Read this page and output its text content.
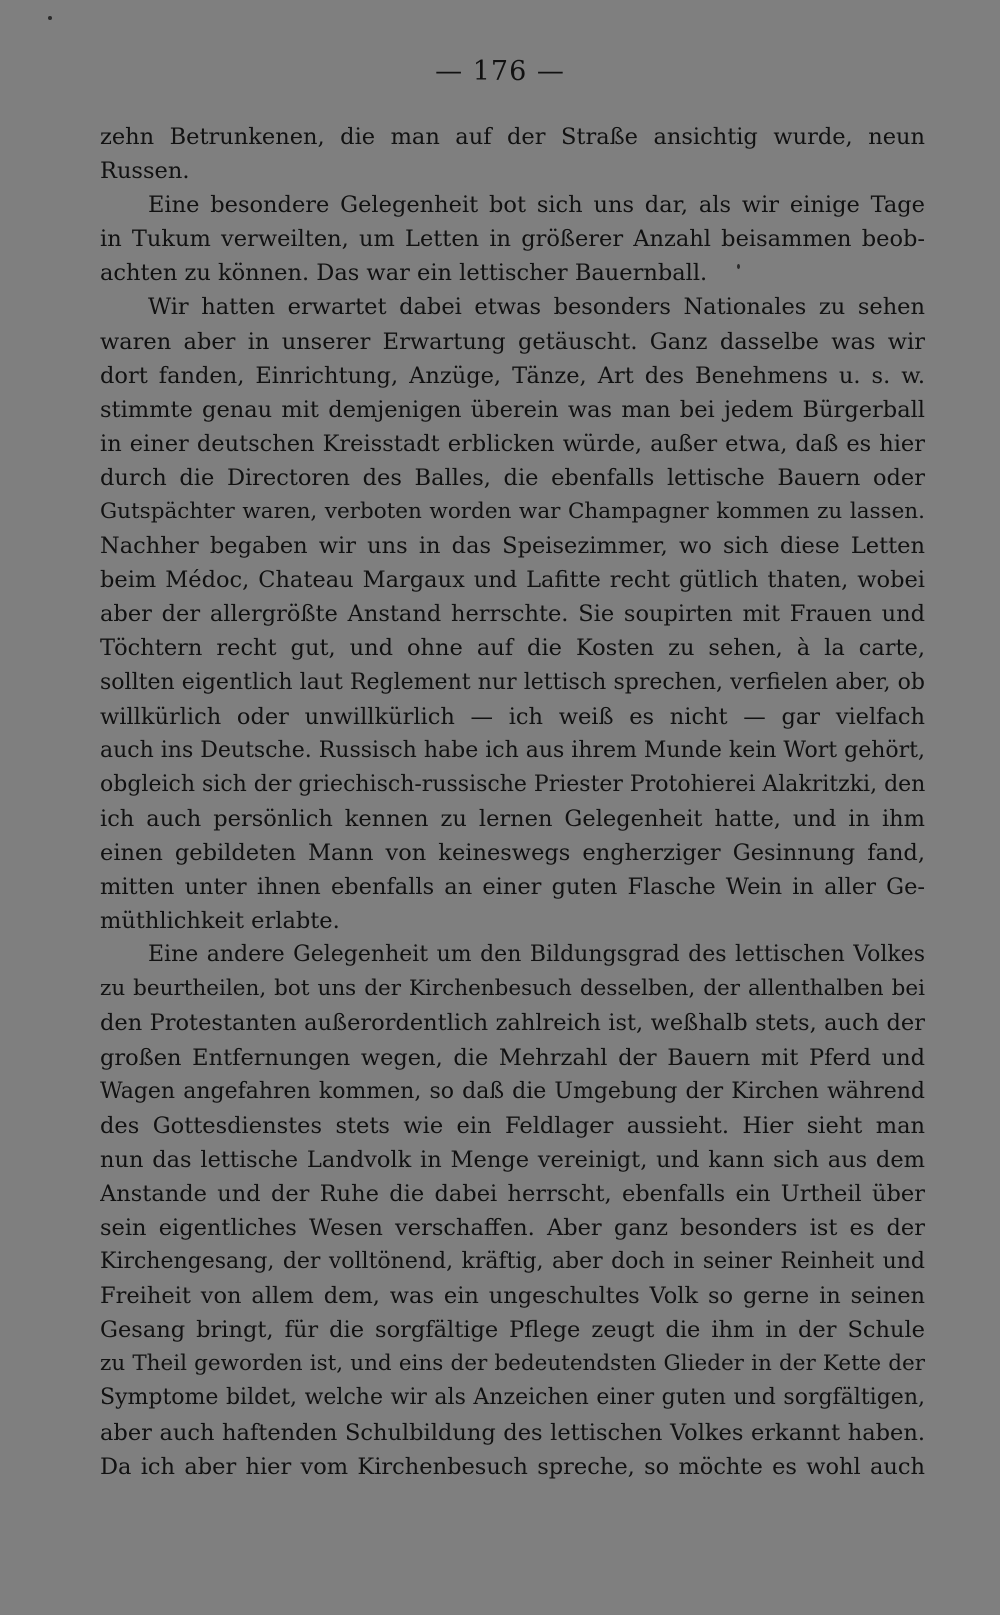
— 176 —
zehn Betrunkenen, die man auf der Straße ansichtig wurde, neun
Russen.
Eine besondere Gelegenheit bot sich uns dar, als wir einige Tage
in Tukum verweilten, um Letten in größerer Anzahl beisammen beob-
achten zu können. Das war ein lettischer Bauernball.
Wir hatten erwartet dabei etwas besonders Nationales zu sehen
waren aber in unserer Erwartung getäuscht. Ganz dasselbe was wir
dort fanden, Einrichtung, Anzüge, Tänze, Art des Benehmens u. s. w.
stimmte genau mit demjenigen überein was man bei jedem Bürgerball
in einer deutschen Kreisstadt erblicken würde, außer etwa, daß es hier
durch die Directoren des Balles, die ebenfalls lettische Bauern oder
Gutspächter waren, verboten worden war Champagner kommen zu lassen.
Nachher begaben wir uns in das Speisezimmer, wo sich diese Letten
beim Médoc, Chateau Margaux und Lafitte recht gütlich thaten, wobei
aber der allergrößte Anstand herrschte. Sie soupirten mit Frauen und
Töchtern recht gut, und ohne auf die Kosten zu sehen, à la carte,
sollten eigentlich laut Reglement nur lettisch sprechen, verfielen aber, ob
willkürlich oder unwillkürlich — ich weiß es nicht — gar vielfach
auch ins Deutsche. Russisch habe ich aus ihrem Munde kein Wort gehört,
obgleich sich der griechisch-russische Priester Protohierei Alakritzki, den
ich auch persönlich kennen zu lernen Gelegenheit hatte, und in ihm
einen gebildeten Mann von keineswegs engherziger Gesinnung fand,
mitten unter ihnen ebenfalls an einer guten Flasche Wein in aller Ge-
müthlichkeit erlabte.
Eine andere Gelegenheit um den Bildungsgrad des lettischen Volkes
zu beurtheilen, bot uns der Kirchenbesuch desselben, der allenthalben bei
den Protestanten außerordentlich zahlreich ist, weßhalb stets, auch der
großen Entfernungen wegen, die Mehrzahl der Bauern mit Pferd und
Wagen angefahren kommen, so daß die Umgebung der Kirchen während
des Gottesdienstes stets wie ein Feldlager aussieht. Hier sieht man
nun das lettische Landvolk in Menge vereinigt, und kann sich aus dem
Anstande und der Ruhe die dabei herrscht, ebenfalls ein Urtheil über
sein eigentliches Wesen verschaffen. Aber ganz besonders ist es der
Kirchengesang, der volltönend, kräftig, aber doch in seiner Reinheit und
Freiheit von allem dem, was ein ungeschultes Volk so gerne in seinen
Gesang bringt, für die sorgfältige Pflege zeugt die ihm in der Schule
zu Theil geworden ist, und eins der bedeutendsten Glieder in der Kette der
Symptome bildet, welche wir als Anzeichen einer guten und sorgfältigen,
aber auch haftenden Schulbildung des lettischen Volkes erkannt haben.
Da ich aber hier vom Kirchenbesuch spreche, so möchte es wohl auch
